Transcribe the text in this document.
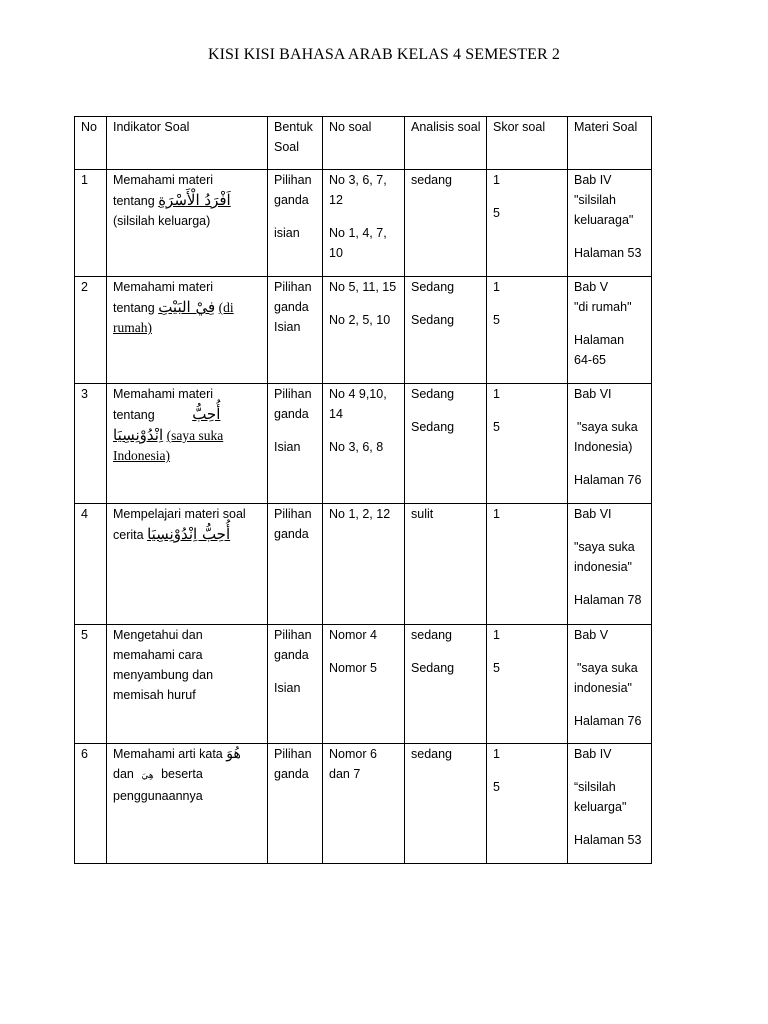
KISI KISI BAHASA ARAB KELAS 4 SEMESTER 2
No	Indikator Soal	Bentuk
Soal	No soal	Analisis soal	Skor soal	Materi Soal
1	Memahami materi
tentang اَفْرَدُ الْأَسْرَةِ
(silsilah keluarga)	Pilihan
ganda
isian	No 3, 6, 7,
12
No 1, 4, 7,
10	sedang	1
5	Bab IV
"silsilah
keluaraga"
Halaman 53

2	Memahami materi
tentang فِيْ البَيْتِ (di
rumah)	Pilihan
ganda
Isian	No 5, 11, 15
No 2, 5, 10	Sedang
Sedang	1
5	Bab V
"di rumah"
Halaman
64-65

3	Memahami materi
tentang أُحِبُّ
اِنْدُوْنِسِيَا (saya suka
Indonesia)	Pilihan
ganda
Isian	No 4 9,10,
14
No 3, 6, 8	Sedang
Sedang	1
5	Bab VI
"saya suka
Indonesia)
Halaman 76

4	Mempelajari materi soal
cerita أُحِبُّ اِنْدُوْنِسِيَا	Pilihan
ganda	No 1, 2, 12	sulit	1	Bab VI
"saya suka
indonesia"
Halaman 78

5	Mengetahui dan
memahami cara
menyambung dan
memisah huruf	Pilihan
ganda
Isian	Nomor 4
Nomor 5	sedang
Sedang	1
5	Bab V
"saya suka
indonesia"
Halaman 76

6	Memahami arti kata هُوَ
dan هِيَ beserta
penggunaannya	Pilihan
ganda	Nomor 6
dan 7	sedang	1
5	Bab IV
“silsilah
keluarga"
Halaman 53
